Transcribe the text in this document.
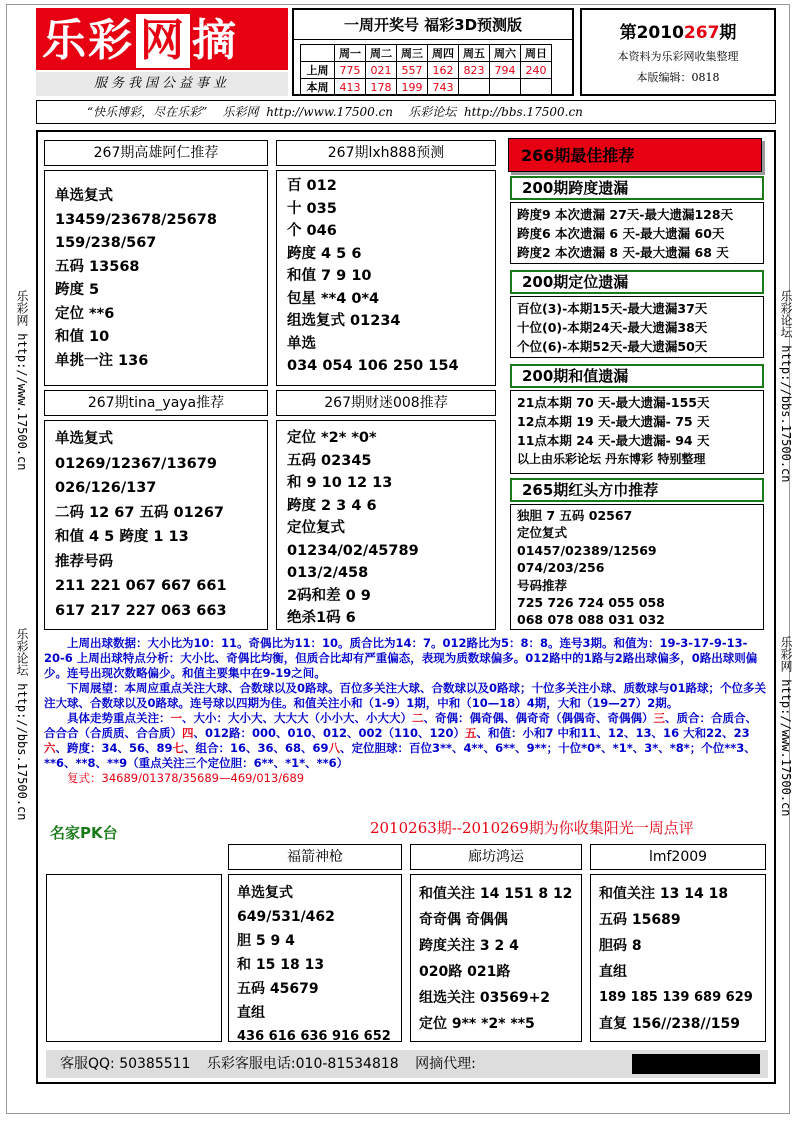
乐彩 网 摘
服务我国公益事业
一周开奖号 福彩3D预测版
	周一	周二	周三	周四	周五	周六	周日
上周	775	021	557	162	823	794	240
本周	413	178	199	743			
第2010267期
本资料为乐彩网收集整理
本版编辑：0818
“快乐博彩，尽在乐彩” 乐彩网 http://www.17500.cn 乐彩论坛 http://bbs.17500.cn
乐彩网 http://www.17500.cn
乐彩论坛 http://bbs.17500.cn
乐彩论坛 http://bbs.17500.cn
乐彩网 http://www.17500.cn
267期高雄阿仁推荐
单选复式
13459/23678/25678
159/238/567
五码 13568
跨度 5
定位 **6
和值 10
单挑一注 136
267期lxh888预测
百 012
十 035
个 046
跨度 4 5 6
和值 7 9 10
包星 **4 0*4
组选复式 01234
单选
034 054 106 250 154
267期tina_yaya推荐
单选复式
01269/12367/13679
026/126/137
二码 12 67 五码 01267
和值 4 5 跨度 1 13
推荐号码
211 221 067 667 661
617 217 227 063 663
267期财迷008推荐
定位 *2* *0*
五码 02345
和 9 10 12 13
跨度 2 3 4 6
定位复式
01234/02/45789
013/2/458
2码和差 0 9
绝杀1码 6
266期最佳推荐
200期跨度遗漏
跨度9 本次遗漏 27天-最大遗漏128天
跨度6 本次遗漏 6 天-最大遗漏 60天
跨度2 本次遗漏 8 天-最大遗漏 68 天
200期定位遗漏
百位(3)-本期15天-最大遗漏37天
十位(0)-本期24天-最大遗漏38天
个位(6)-本期52天-最大遗漏50天
200期和值遗漏
21点本期 70 天-最大遗漏-155天
12点本期 19 天-最大遗漏- 75 天
11点本期 24 天-最大遗漏- 94 天
以上由乐彩论坛 丹东博彩 特别整理
265期红头方巾推荐
独胆 7 五码 02567
定位复式
01457/02389/12569
074/203/256
号码推荐
725 726 724 055 058
068 078 088 031 032

上周出球数据：大小比为10：11。奇偶比为11：10。质合比为14：7。012路比为5：8：8。连号3期。和值为：19-3-17-9-13-20-6 上周出球特点分析：大小比、奇偶比均衡，但质合比却有严重偏态，表现为质数球偏多。012路中的1路与2路出球偏多，0路出球则偏少。连号出现次数略偏少。和值主要集中在9-19之间。

下周展望：本周应重点关注大球、合数球以及0路球。百位多关注大球、合数球以及0路球；十位多关注小球、质数球与01路球；个位多关注大球、合数球以及0路球。连号球以四期为佳。和值关注小和（1-9）1期，中和（10—18）4期，大和（19—27）2期。

具体走势重点关注：一、大小：大小大、大大大（小小大、小大大）二、奇偶：偶奇偶、偶奇奇（偶偶奇、奇偶偶）三、质合：合质合、合合合（合质质、合合质）四、012路：000、010、012、002（110、120）五、和值：小和7 中和11、12、13、16 大和22、23六、跨度：34、56、89七、组合：16、36、68、69八、定位胆球：百位3**、4**、6**、9**；十位*0*、*1*、3*、*8*；个位**3、**6、**8、**9（重点关注三个定位胆：6**、*1*、**6）

复式：34689/01378/35689—469/013/689

名家PK台	2010263期--2010269期为你收集阳光一周点评
福箭神枪
单选复式
649/531/462
胆 5 9 4
和 15 18 13
五码 45679
直组
436 616 636 916 652
廊坊鸿运
和值关注 14 151 8 12
奇奇偶 奇偶偶
跨度关注 3 2 4
020路 021路
组选关注 03569+2
定位 9** *2* **5
lmf2009
和值关注 13 14 18
五码 15689
胆码 8
直组
189 185 139 689 629
直复 156//238//159
客服QQ: 50385511 乐彩客服电话:010-81534818 网摘代理:
